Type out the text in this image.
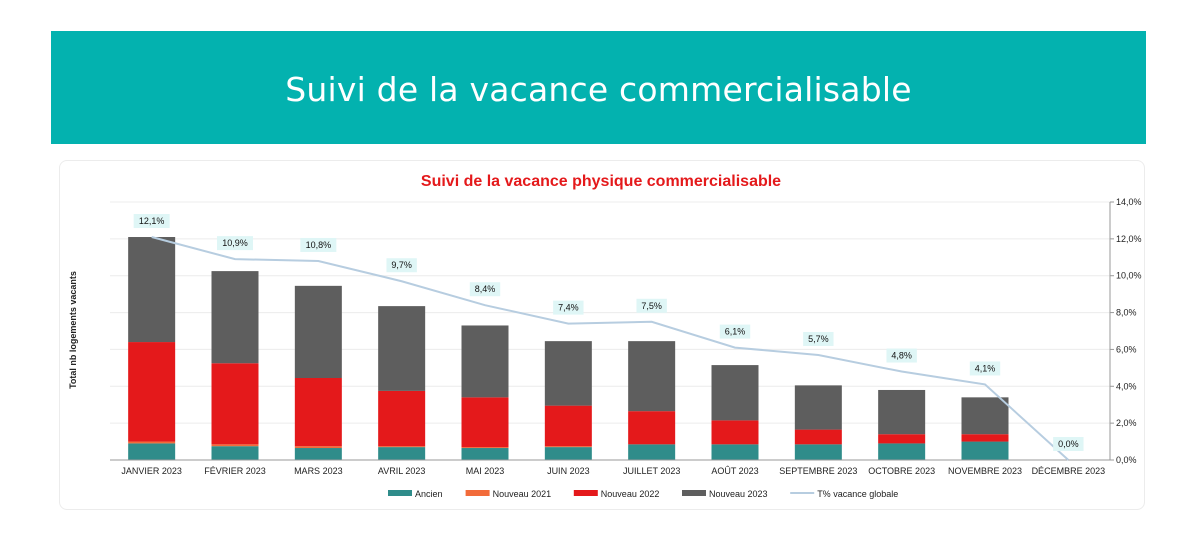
Suivi de la vacance commercialisable
Suivi de la vacance physique commercialisable
Total nb logements vacants
0,0%
2,0%
4,0%
6,0%
8,0%
10,0%
12,0%
14,0%
JANVIER 2023 FÉVRIER 2023	MARS 2023	AVRIL 2023	MAI 2023	JUIN 2023	JUILLET 2023	AOÛT 2023 SEPTEMBRE 2023 OCTOBRE 2023 NOVEMBRE 2023 DÉCEMBRE 2023
12,1%
10,9%	10,8%
9,7%
8,4%
7,4%	7,5%
6,1%
5,7%
4,8%
4,1%
0,0%
Ancien	Nouveau 2021	Nouveau 2022	Nouveau 2023	T% vacance globale
